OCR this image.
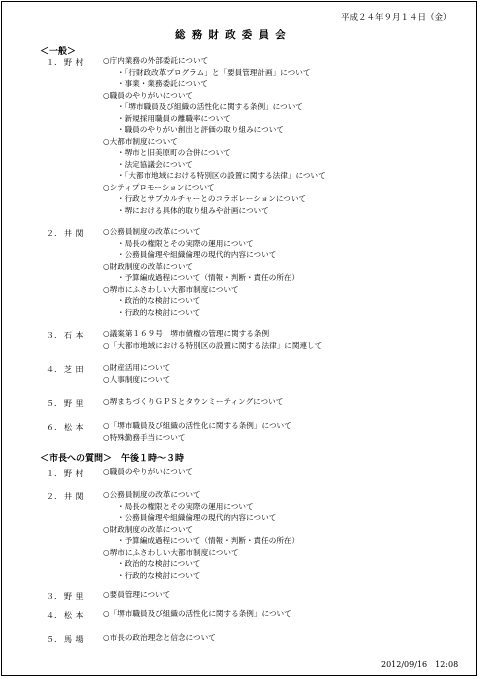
平成２４年９月１４日（金）
総務財政委員会
＜一般＞
１. 野村 ○庁内業務の外部委託について
・「行財政改革プログラム」と「要員管理計画」について
・事業・業務委託について
○職員のやりがいについて
・「堺市職員及び組織の活性化に関する条例」について
・新規採用職員の離職率について
・職員のやりがい創出と評価の取り組みについて
○大都市制度について
・堺市と旧美原町の合併について
・法定協議会について
・「大都市地域における特別区の設置に関する法律」について
○シティプロモーションについて
・行政とサブカルチャーとのコラボレーションについて
・堺における具体的取り組みや計画について
２. 井関 ○公務員制度の改革について
・局長の権限とその実際の運用について
・公務員倫理や組織倫理の現代的内容について
○財政制度の改革について
・予算編成過程について（情報・判断・責任の所在）
○堺市にふさわしい大都市制度について
・政治的な検討について
・行政的な検討について
３. 石本 ○議案第１６９号　堺市債権の管理に関する条例
○「大都市地域における特別区の設置に関する法律」に関連して
４. 芝田 ○財産活用について
○人事制度について
５. 野里 ○堺まちづくりＧＰＳとタウンミーティングについて
６. 松本 ○「堺市職員及び組織の活性化に関する条例」について
○特殊勤務手当について
＜市長への質問＞　午後１時～３時
１. 野村 ○職員のやりがいについて
２. 井関 ○公務員制度の改革について
・局長の権限とその実際の運用について
・公務員倫理や組織倫理の現代的内容について
○財政制度の改革について
・予算編成過程について（情報・判断・責任の所在）
○堺市にふさわしい大都市制度について
・政治的な検討について
・行政的な検討について
３. 野里 ○要員管理について
４. 松本 ○「堺市職員及び組織の活性化に関する条例」について
５. 馬場 ○市長の政治理念と信念について
2012/09/16　12:08
